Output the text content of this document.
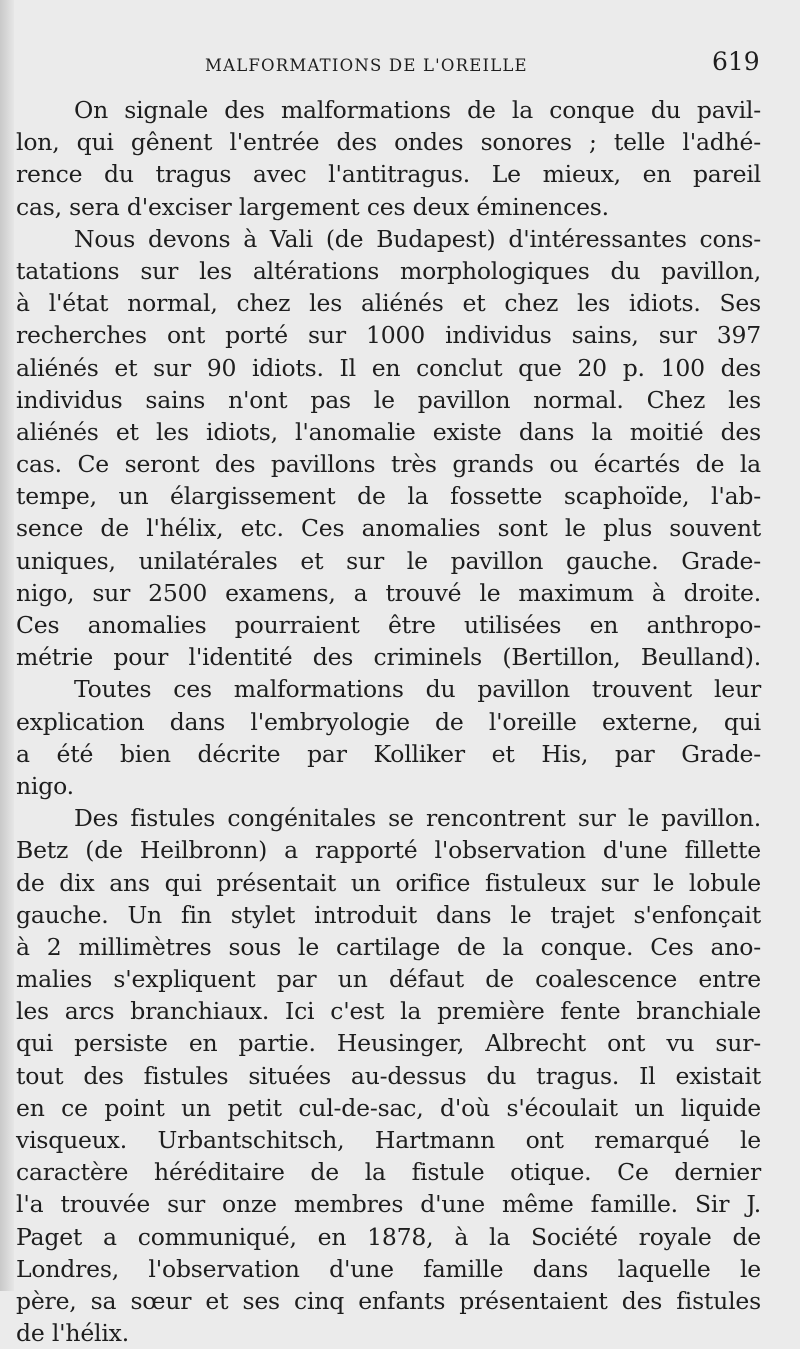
MALFORMATIONS DE L'OREILLE	619
On signale des malformations de la conque du pavil-
lon, qui gênent l'entrée des ondes sonores ; telle l'adhé-
rence du tragus avec l'antitragus. Le mieux, en pareil
cas, sera d'exciser largement ces deux éminences.
Nous devons à Vali (de Budapest) d'intéressantes cons-
tatations sur les altérations morphologiques du pavillon,
à l'état normal, chez les aliénés et chez les idiots. Ses
recherches ont porté sur 1000 individus sains, sur 397
aliénés et sur 90 idiots. Il en conclut que 20 p. 100 des
individus sains n'ont pas le pavillon normal. Chez les
aliénés et les idiots, l'anomalie existe dans la moitié des
cas. Ce seront des pavillons très grands ou écartés de la
tempe, un élargissement de la fossette scaphoïde, l'ab-
sence de l'hélix, etc. Ces anomalies sont le plus souvent
uniques, unilatérales et sur le pavillon gauche. Grade-
nigo, sur 2500 examens, a trouvé le maximum à droite.
Ces anomalies pourraient être utilisées en anthropo-
métrie pour l'identité des criminels (Bertillon, Beulland).
Toutes ces malformations du pavillon trouvent leur
explication dans l'embryologie de l'oreille externe, qui
a été bien décrite par Kolliker et His, par Grade-
nigo.
Des fistules congénitales se rencontrent sur le pavillon.
Betz (de Heilbronn) a rapporté l'observation d'une fillette
de dix ans qui présentait un orifice fistuleux sur le lobule
gauche. Un fin stylet introduit dans le trajet s'enfonçait
à 2 millimètres sous le cartilage de la conque. Ces ano-
malies s'expliquent par un défaut de coalescence entre
les arcs branchiaux. Ici c'est la première fente branchiale
qui persiste en partie. Heusinger, Albrecht ont vu sur-
tout des fistules situées au-dessus du tragus. Il existait
en ce point un petit cul-de-sac, d'où s'écoulait un liquide
visqueux. Urbantschitsch, Hartmann ont remarqué le
caractère héréditaire de la fistule otique. Ce dernier
l'a trouvée sur onze membres d'une même famille. Sir J.
Paget a communiqué, en 1878, à la Société royale de
Londres, l'observation d'une famille dans laquelle le
père, sa sœur et ses cinq enfants présentaient des fistules
de l'hélix.
